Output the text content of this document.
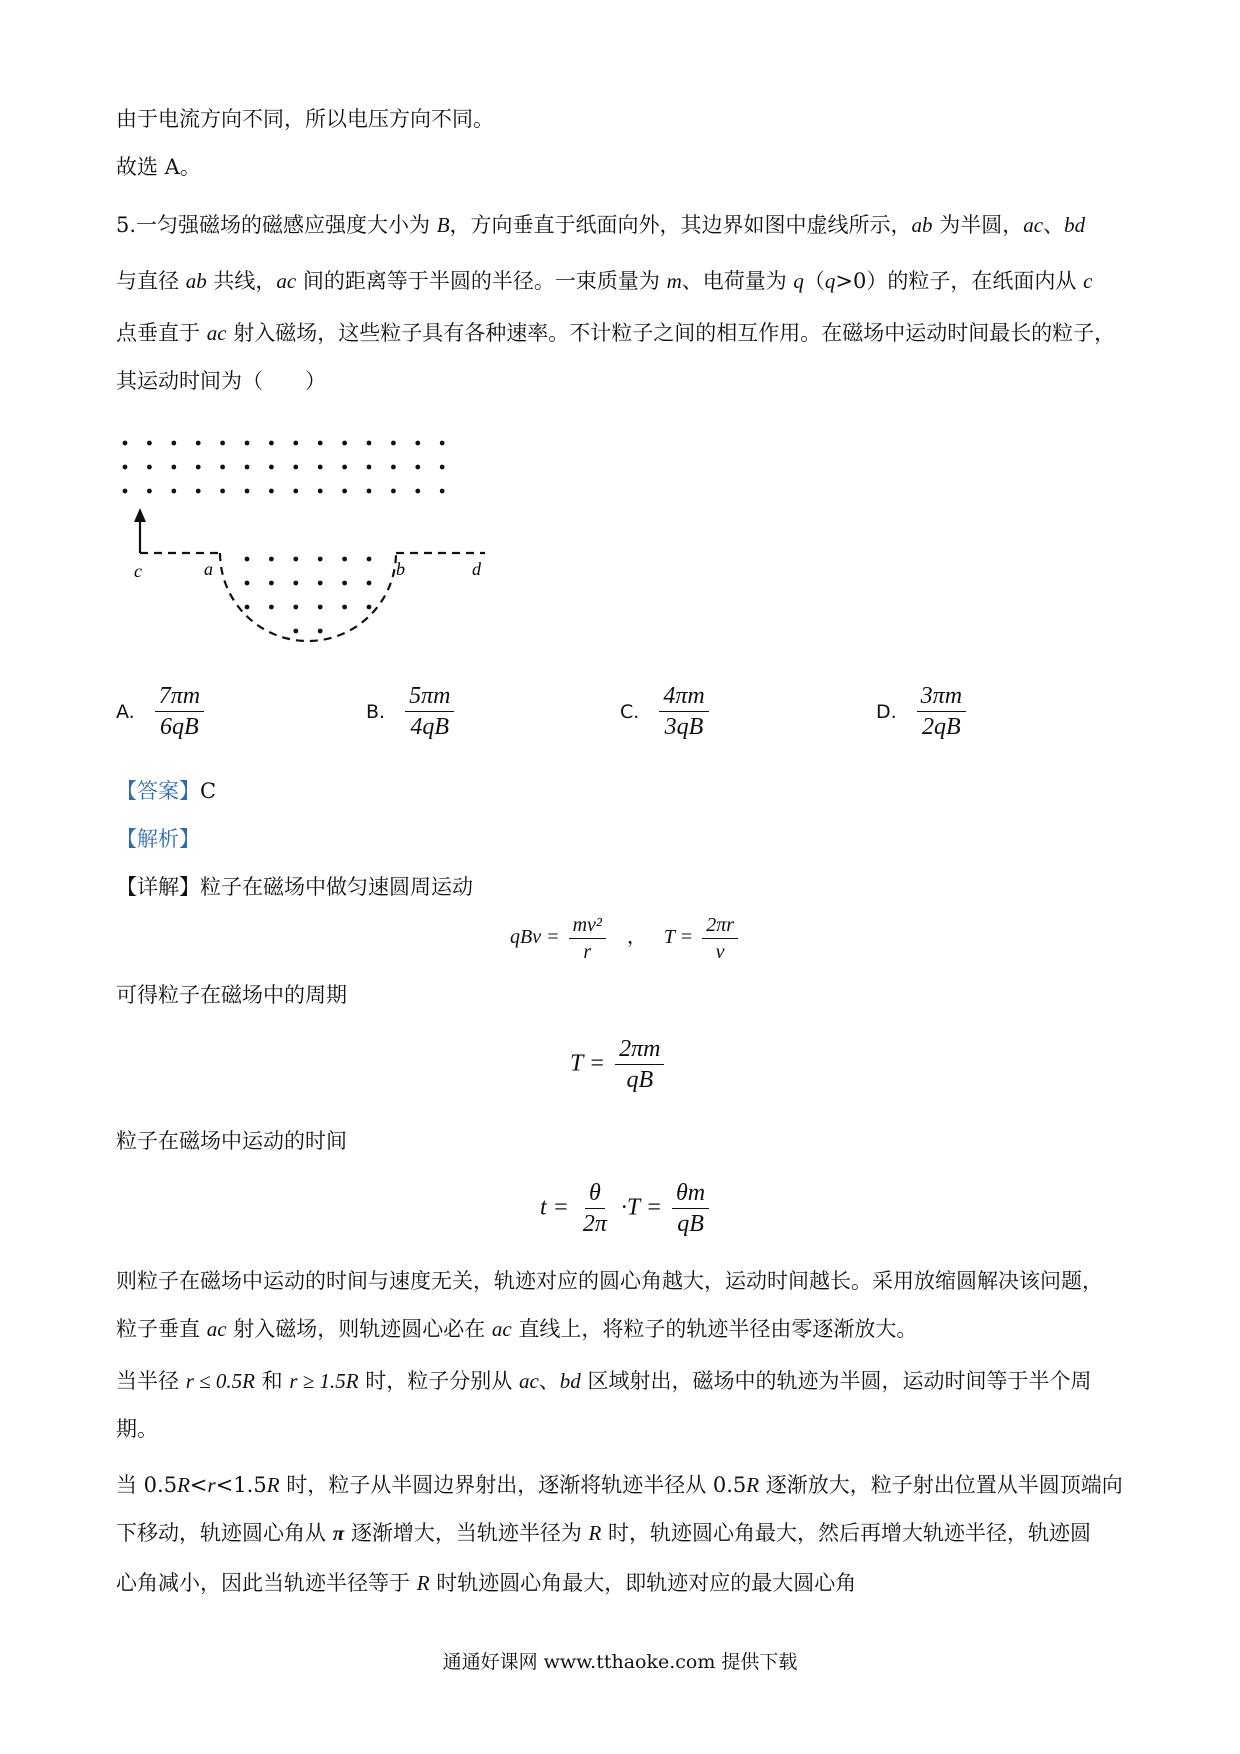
由于电流方向不同，所以电压方向不同。

故选 A。

5.一匀强磁场的磁感应强度大小为 B，方向垂直于纸面向外，其边界如图中虚线所示，ab 为半圆，ac、bd

与直径 ab 共线，ac 间的距离等于半圆的半径。一束质量为 m、电荷量为 q（q>0）的粒子，在纸面内从 c

点垂直于 ac 射入磁场，这些粒子具有各种速率。不计粒子之间的相互作用。在磁场中运动时间最长的粒子，

其运动时间为（　　）

c	a	b	d
A. $\frac{7\pi m}{6qB}$	B. $\frac{5\pi m}{4qB}$	C. $\frac{4\pi m}{3qB}$	D. $\frac{3\pi m}{2qB}$

【答案】C

【解析】

【详解】粒子在磁场中做匀速圆周运动

qBv = $\frac{\text{mv²}}{r}$ ， $T = \frac{2\pi r}{v}$

可得粒子在磁场中的周期

$T = \frac{2\pi m}{qB}$

粒子在磁场中运动的时间

$t = \frac{\theta}{2\pi} \cdot T = \frac{\theta m}{qB}$

则粒子在磁场中运动的时间与速度无关，轨迹对应的圆心角越大，运动时间越长。采用放缩圆解决该问题，

粒子垂直 ac 射入磁场，则轨迹圆心必在 ac 直线上，将粒子的轨迹半径由零逐渐放大。

当半径 r ≤ 0.5R 和 r ≥ 1.5R 时，粒子分别从 ac、bd 区域射出，磁场中的轨迹为半圆，运动时间等于半个周

期。

当 0.5R<r<1.5R 时，粒子从半圆边界射出，逐渐将轨迹半径从 0.5R 逐渐放大，粒子射出位置从半圆顶端向

下移动，轨迹圆心角从 π 逐渐增大，当轨迹半径为 R 时，轨迹圆心角最大，然后再增大轨迹半径，轨迹圆

心角减小，因此当轨迹半径等于 R 时轨迹圆心角最大，即轨迹对应的最大圆心角

通通好课网 www.tthaoke.com 提供下载
